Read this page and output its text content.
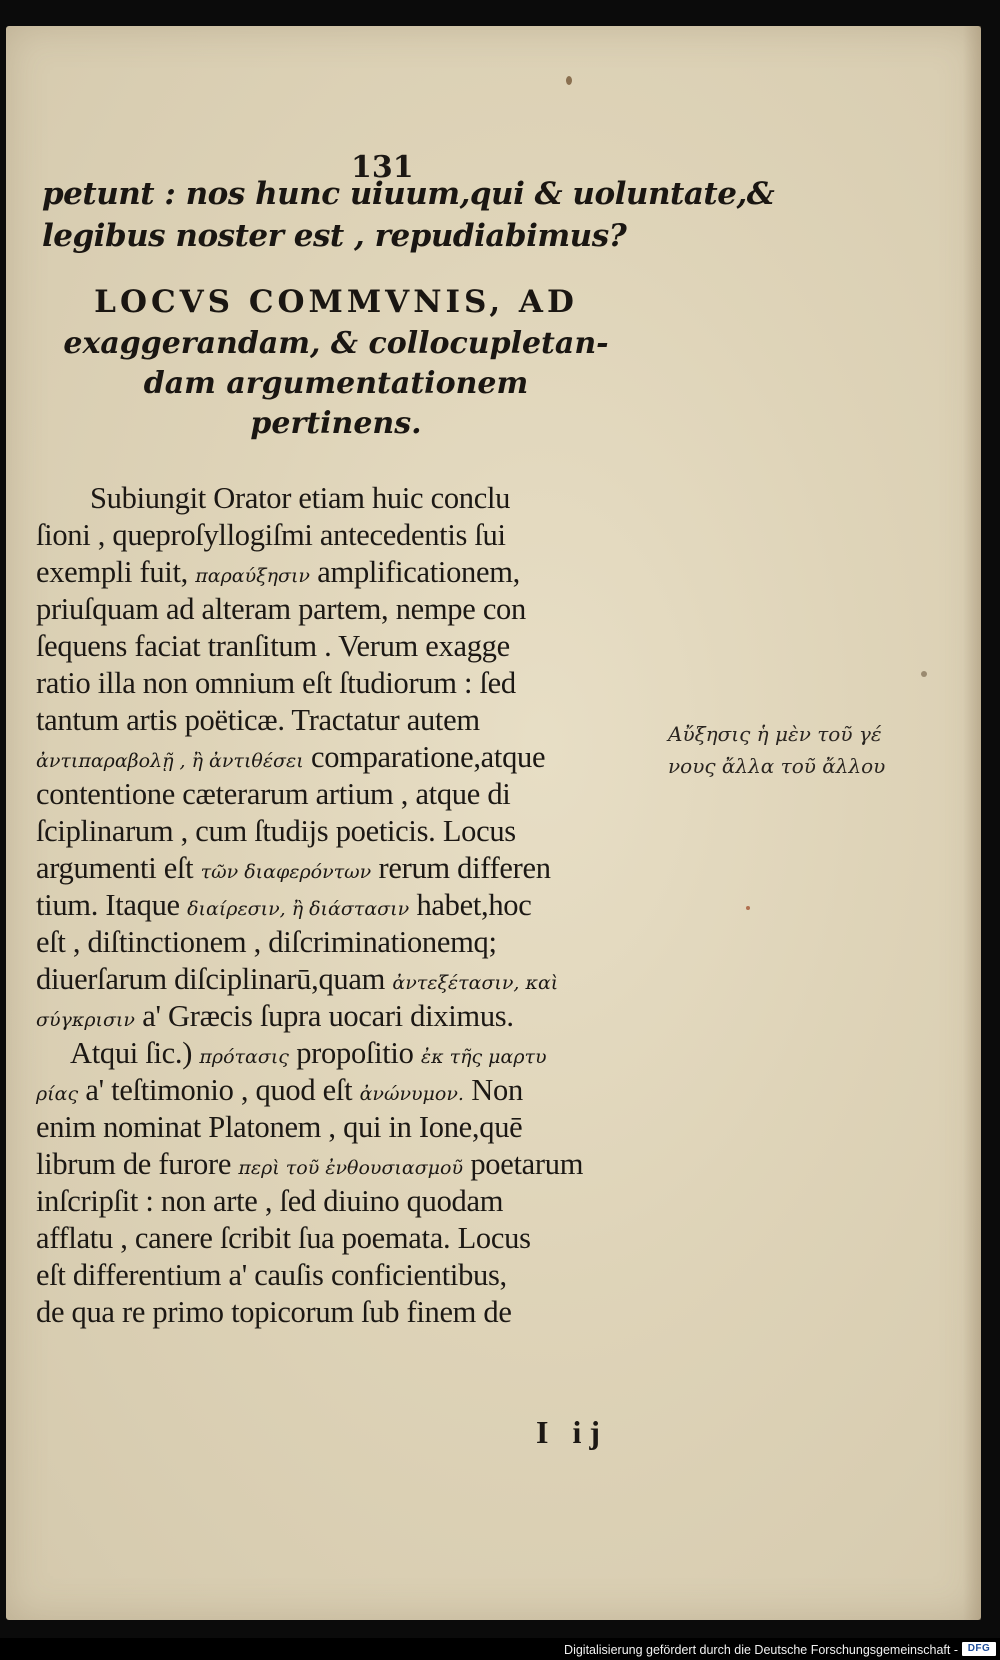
131
petunt : nos hunc uiuum,qui & uoluntate,&
legibus noster est , repudiabimus?
LOCVS COMMVNIS, AD
exaggerandam, & collocupletan-
dam argumentationem
pertinens.
Subiungit Orator etiam huic conclu
ſioni , queproſyllogiſmi antecedentis ſui
exempli fuit, παραύξησιν amplificationem,
priuſquam ad alteram partem, nempe con
ſequens faciat tranſitum . Verum exagge
ratio illa non omnium eſt ſtudiorum : ſed
tantum artis poëticæ. Tractatur autem
ἀντιπαραβολῇ , ἢ ἀντιθέσει comparatione,atque
contentione cæterarum artium , atque di
ſciplinarum , cum ſtudijs poeticis. Locus
argumenti eſt τῶν διαφερόντων rerum differen
tium. Itaque διαίρεσιν, ἢ διάστασιν habet,hoc
eſt , diſtinctionem , diſcriminationemq;
diuerſarum diſciplinarū,quam ἀντεξέτασιν, καὶ
σύγκρισιν a' Græcis ſupra uocari diximus.
Atqui ſic.) πρότασις propoſitio ἐκ τῆς μαρτυ
ρίας a' teſtimonio , quod eſt ἀνώνυμον. Non
enim nominat Platonem , qui in Ione,quē
librum de furore περὶ τοῦ ἐνθουσιασμοῦ poetarum
inſcripſit : non arte , ſed diuino quodam
afflatu , canere ſcribit ſua poemata. Locus
eſt differentium a' cauſis conficientibus,
de qua re primo topicorum ſub finem de
Αὔξησις ἡ μὲν τοῦ γέ
νους ἄλλα τοῦ ἄλλου
I ij
Digitalisierung gefördert durch die Deutsche Forschungsgemeinschaft - DFG
